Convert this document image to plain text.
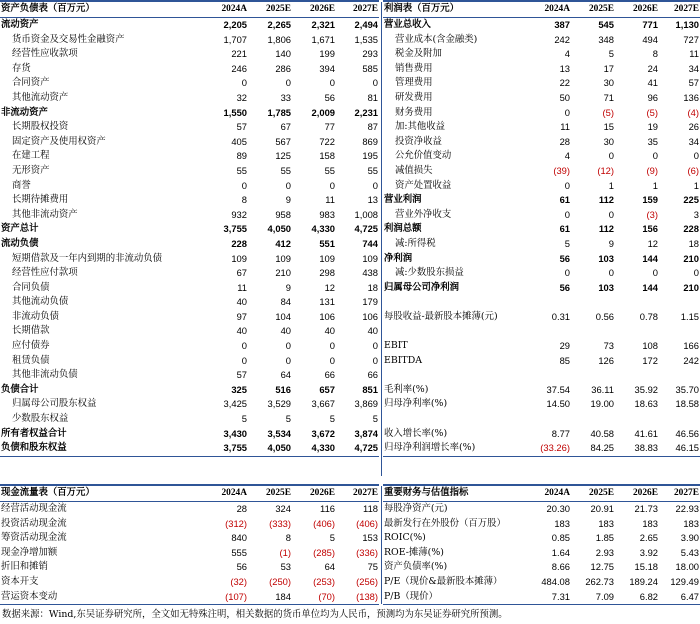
资产负债表（百万元）	2024A	2025E	2026E	2027E
流动资产	2,205	2,265	2,321	2,494
货币资金及交易性金融资产	1,707	1,806	1,671	1,535
经营性应收款项	221	140	199	293
存货	246	286	394	585
合同资产	0	0	0	0
其他流动资产	32	33	56	81
非流动资产	1,550	1,785	2,009	2,231
长期股权投资	57	67	77	87
固定资产及使用权资产	405	567	722	869
在建工程	89	125	158	195
无形资产	55	55	55	55
商誉	0	0	0	0
长期待摊费用	8	9	11	13
其他非流动资产	932	958	983	1,008
资产总计	3,755	4,050	4,330	4,725
流动负债	228	412	551	744
短期借款及一年内到期的非流动负债	109	109	109	109
经营性应付款项	67	210	298	438
合同负债	11	9	12	18
其他流动负债	40	84	131	179
非流动负债	97	104	106	106
长期借款	40	40	40	40
应付债券	0	0	0	0
租赁负债	0	0	0	0
其他非流动负债	57	64	66	66
负债合计	325	516	657	851
归属母公司股东权益	3,425	3,529	3,667	3,869
少数股东权益	5	5	5	5
所有者权益合计	3,430	3,534	3,672	3,874
负债和股东权益	3,755	4,050	4,330	4,725
利润表（百万元）	2024A	2025E	2026E	2027E
营业总收入	387	545	771	1,130
营业成本(含金融类)	242	348	494	727
税金及附加	4	5	8	11
销售费用	13	17	24	34
管理费用	22	30	41	57
研发费用	50	71	96	136
财务费用	0	(5)	(5)	(4)
加:其他收益	11	15	19	26
投资净收益	28	30	35	34
公允价值变动	4	0	0	0
减值损失	(39)	(12)	(9)	(6)
资产处置收益	0	1	1	1
营业利润	61	112	159	225
营业外净收支	0	0	(3)	3
利润总额	61	112	156	228
减:所得税	5	9	12	18
净利润	56	103	144	210
减:少数股东损益	0	0	0	0
归属母公司净利润	56	103	144	210

每股收益-最新股本摊薄(元)	0.31	0.56	0.78	1.15

EBIT	29	73	108	166
EBITDA	85	126	172	242

毛利率(%)	37.54	36.11	35.92	35.70
归母净利率(%)	14.50	19.00	18.63	18.58

收入增长率(%)	8.77	40.58	41.61	46.56
归母净利润增长率(%)	(33.26)	84.25	38.83	46.15
现金流量表（百万元）	2024A	2025E	2026E	2027E
经营活动现金流	28	324	116	118
投资活动现金流	(312)	(333)	(406)	(406)
筹资活动现金流	840	8	5	153
现金净增加额	555	(1)	(285)	(336)
折旧和摊销	56	53	64	75
资本开支	(32)	(250)	(253)	(256)
营运资本变动	(107)	184	(70)	(138)
重要财务与估值指标	2024A	2025E	2026E	2027E
每股净资产(元)	20.30	20.91	21.73	22.93
最新发行在外股份（百万股）	183	183	183	183
ROIC(%)	0.85	1.85	2.65	3.90
ROE-摊薄(%)	1.64	2.93	3.92	5.43
资产负债率(%)	8.66	12.75	15.18	18.00
P/E（现价&最新股本摊薄）	484.08	262.73	189.24	129.49
P/B（现价）	7.31	7.09	6.82	6.47
数据来源：Wind,东吴证券研究所，全文如无特殊注明，相关数据的货币单位均为人民币，预测均为东吴证券研究所预测。
